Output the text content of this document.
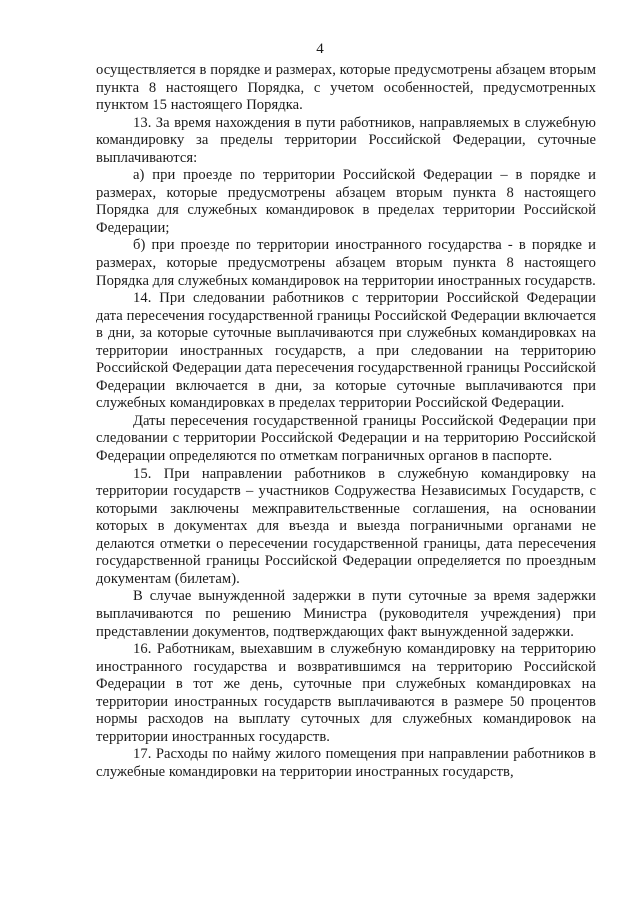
4

осуществляется в порядке и размерах, которые предусмотрены абзацем вторым пункта 8 настоящего Порядка, с учетом особенностей, предусмотренных пунктом 15 настоящего Порядка.

13. За время нахождения в пути работников, направляемых в служебную командировку за пределы территории Российской Федерации, суточные выплачиваются:

а) при проезде по территории Российской Федерации – в порядке и размерах, которые предусмотрены абзацем вторым пункта 8 настоящего Порядка для служебных командировок в пределах территории Российской Федерации;

б) при проезде по территории иностранного государства - в порядке и размерах, которые предусмотрены абзацем вторым пункта 8 настоящего Порядка для служебных командировок на территории иностранных государств.

14. При следовании работников с территории Российской Федерации дата пересечения государственной границы Российской Федерации включается в дни, за которые суточные выплачиваются при служебных командировках на территории иностранных государств, а при следовании на территорию Российской Федерации дата пересечения государственной границы Российской Федерации включается в дни, за которые суточные выплачиваются при служебных командировках в пределах территории Российской Федерации.

Даты пересечения государственной границы Российской Федерации при следовании с территории Российской Федерации и на территорию Российской Федерации определяются по отметкам пограничных органов в паспорте.

15. При направлении работников в служебную командировку на территории государств – участников Содружества Независимых Государств, с которыми заключены межправительственные соглашения, на основании которых в документах для въезда и выезда пограничными органами не делаются отметки о пересечении государственной границы, дата пересечения государственной границы Российской Федерации определяется по проездным документам (билетам).

В случае вынужденной задержки в пути суточные за время задержки выплачиваются по решению Министра (руководителя учреждения) при представлении документов, подтверждающих факт вынужденной задержки.

16. Работникам, выехавшим в служебную командировку на территорию иностранного государства и возвратившимся на территорию Российской Федерации в тот же день, суточные при служебных командировках на территории иностранных государств выплачиваются в размере 50 процентов нормы расходов на выплату суточных для служебных командировок на территории иностранных государств.

17. Расходы по найму жилого помещения при направлении работников в служебные командировки на территории иностранных государств,
